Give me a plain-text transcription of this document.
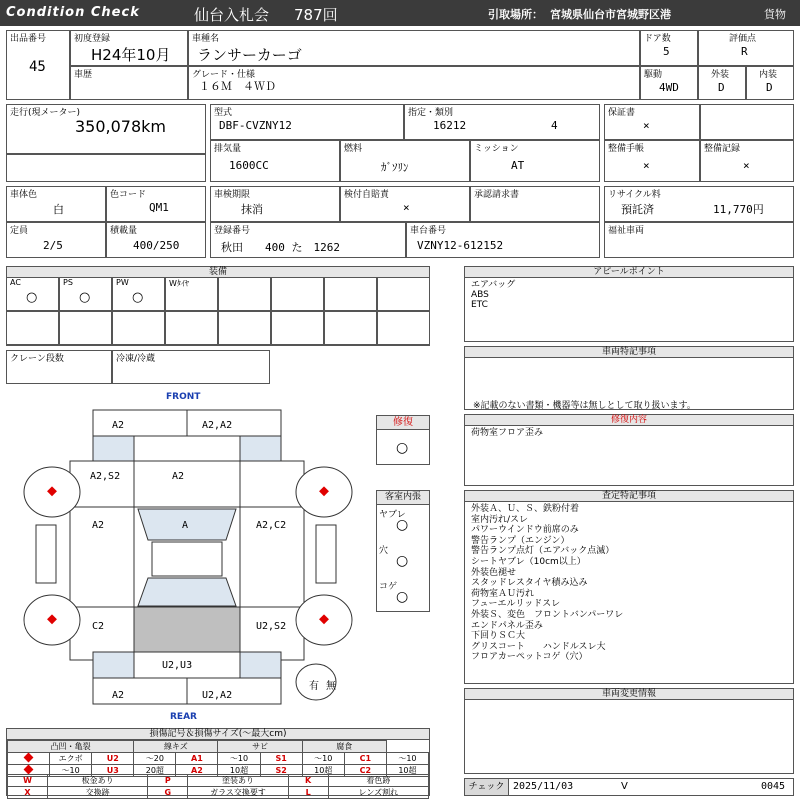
Condition Check	仙台入札会 787回	引取場所： 宮城県仙台市宮城野区港	貨物
出品番号
45
初度登録
H24年10月
車種名
ランサーカーゴ
車歴	グレード・仕様
１６Ｍ　４ＷＤ
ドア数
5
駆動
4WD
評価点
R
外装
D
内装
D
走行(現メーター)
350,078km
型式
DBF-CVZNY12
指定・類別
16212	4
排気量
1600CC
燃料
ｶﾞｿﾘﾝ
ミッション
AT
保証書
×
整備手帳
×
整備記録
×
車体色
白
色コード
QM1
車検期限
抹消
検付自賠責
×
承認請求書	リサイクル料
預託済	11,770円
定員
2/5
積載量
400/250
登録番号
秋田　　400 た　1262
車台番号
VZNY12-612152
福祉車両
装備
AC
○
PS
○
PW
○
Wﾀｲﾔ
クレーン段数	冷凍/冷蔵
アピールポイント
エアバッグ
ABS
ETC
車両特記事項
※記載のない書類・機器等は無しとして取り扱います。
修復内容
荷物室フロア歪み
査定特記事項
外装Ａ、Ｕ、Ｓ、鉄粉付着
室内汚れ/スレ
パワーウインドウ前席のみ
警告ランプ（エンジン）
警告ランプ点灯（エアバック点滅）
シートヤブレ（10cm以上）
外装色褪せ
スタッドレスタイヤ積み込み
荷物室ＡＵ汚れ
フューエルリッドスレ
外装Ｓ、変色　フロントバンパーワレ
エンドパネル歪み
下回りＳＣ大
グリスコート　　ハンドルスレ大
フロアカーペットコゲ（穴）
車両変更情報
修復
○
客室内張
ヤブレ
○
穴
○
コゲ
○
FRONT
REAR
A2	A2,A2
A2,S2	A2
A2	A	A2,C2
C2	U2,S2
U2,U3
A2	U2,A2
有 無
損傷記号＆損傷サイズ(～最大cm)
凸凹・亀裂			線キズ		サビ		腐食		
	エクボ	U2	～20	A1	～10	S1	～10	C1	～10
	～10	U3	20超	A2	10超	S2	10超	C2	10超
W	板金あり	P	塗装あり	K	着色跡
X	交換跡	G	ガラス交換要す	L	レンズ割れ
チェック 2025/11/03	V	0045
